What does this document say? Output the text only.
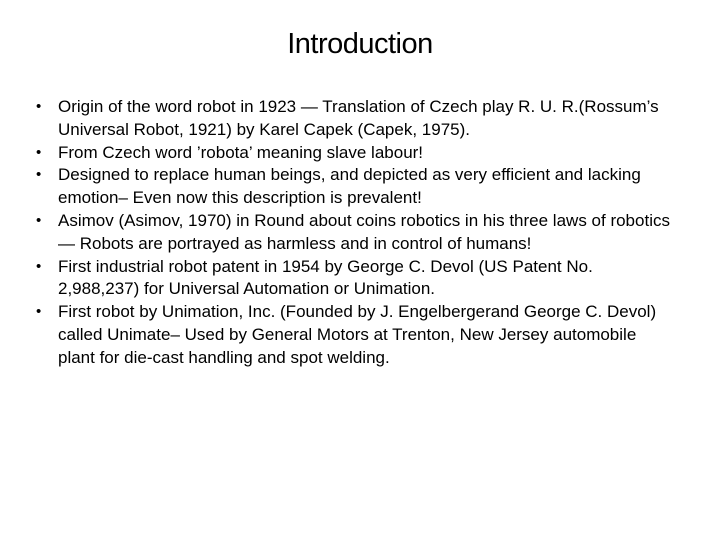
Introduction
• Origin of the word robot in 1923 — Translation of Czech play R. U. R.(Rossum’s Universal Robot, 1921) by Karel Capek (Capek, 1975).
• From Czech word ’robota’ meaning slave labour!
• Designed to replace human beings, and depicted as very efficient and lacking emotion– Even now this description is prevalent!
• Asimov (Asimov, 1970) in Round about coins robotics in his three laws of robotics— Robots are portrayed as harmless and in control of humans!
• First industrial robot patent in 1954 by George C. Devol (US Patent No. 2,988,237) for Universal Automation or Unimation.
• First robot by Unimation, Inc. (Founded by J. Engelbergerand George C. Devol) called Unimate– Used by General Motors at Trenton, New Jersey automobile plant for die-cast handling and spot welding.
